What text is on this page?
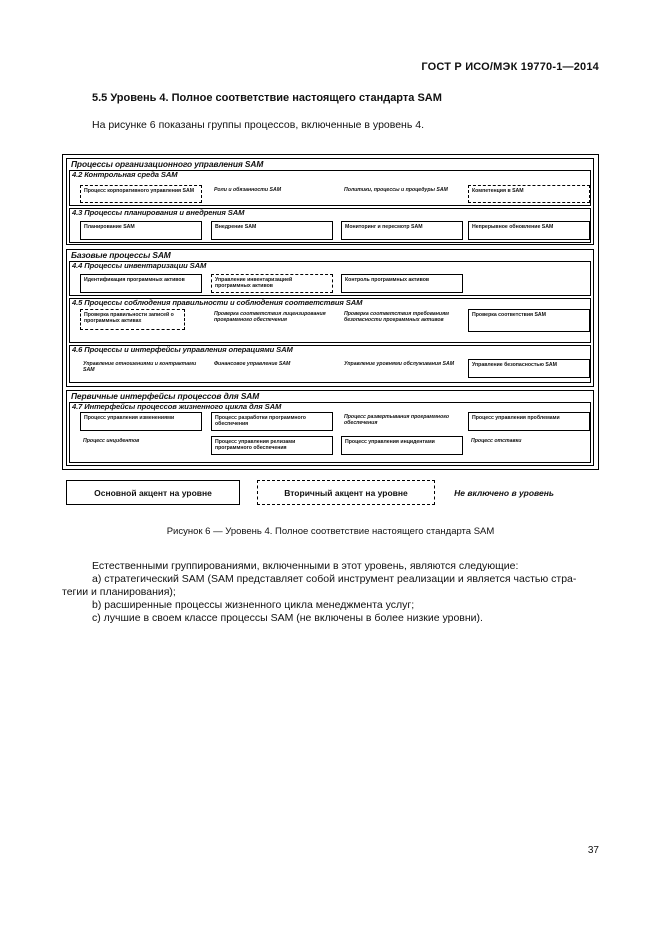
ГОСТ Р ИСО/МЭК 19770-1—2014
5.5 Уровень 4. Полное соответствие настоящего стандарта SAM
На рисунке 6 показаны группы процессов, включенные в уровень 4.
Процессы организационного управления SAM
4.2 Контрольная среда SAM
Процесс корпоративного управления SAM	Роли и обязанности SAM	Политики, процессы и процедуры SAM	Компетенция в SAM
4.3 Процессы планирования и внедрения SAM
Планирование SAM	Внедрение SAM	Мониторинг и пересмотр SAM	Непрерывное обновление SAM
Базовые процессы SAM
4.4 Процессы инвентаризации SAM
Идентификация программных активов	Управление инвентаризацией программных активов
Контроль программных активов
4.5 Процессы соблюдения правильности и соблюдения соответствия SAM
Проверка правильности записей о программных активах
Проверка соответствия лицензирования программного обеспечения
Проверка соответствия требованиям безопасности программных активов
Проверка соответствия SAM
4.6 Процессы и интерфейсы управления операциями SAM
Управление отношениями и контрактами SAM
Финансовое управление SAM	Управление уровнями обслуживания SAM	Управление безопасностью SAM
Первичные интерфейсы процессов для SAM
4.7 Интерфейсы процессов жизненного цикла для SAM
Процесс управления изменениями	Процесс разработки программного обеспечения
Процесс развертывания программного обеспечения
Процесс управления проблемами
Процесс инцидентов	Процесс управления релизами программного обеспечения
Процесс управления инцидентами	Процесс отставки
Основной акцент на уровне	Вторичный акцент на уровне	Не включено в уровень
Рисунок 6 — Уровень 4. Полное соответствие настоящего стандарта SAM
Естественными группированиями, включенными в этот уровень, являются следующие:
а) стратегический SAM (SAM представляет собой инструмент реализации и является частью стра-
тегии и планирования);
b) расширенные процессы жизненного цикла менеджмента услуг;
c) лучшие в своем классе процессы SAM (не включены в более низкие уровни).
37
